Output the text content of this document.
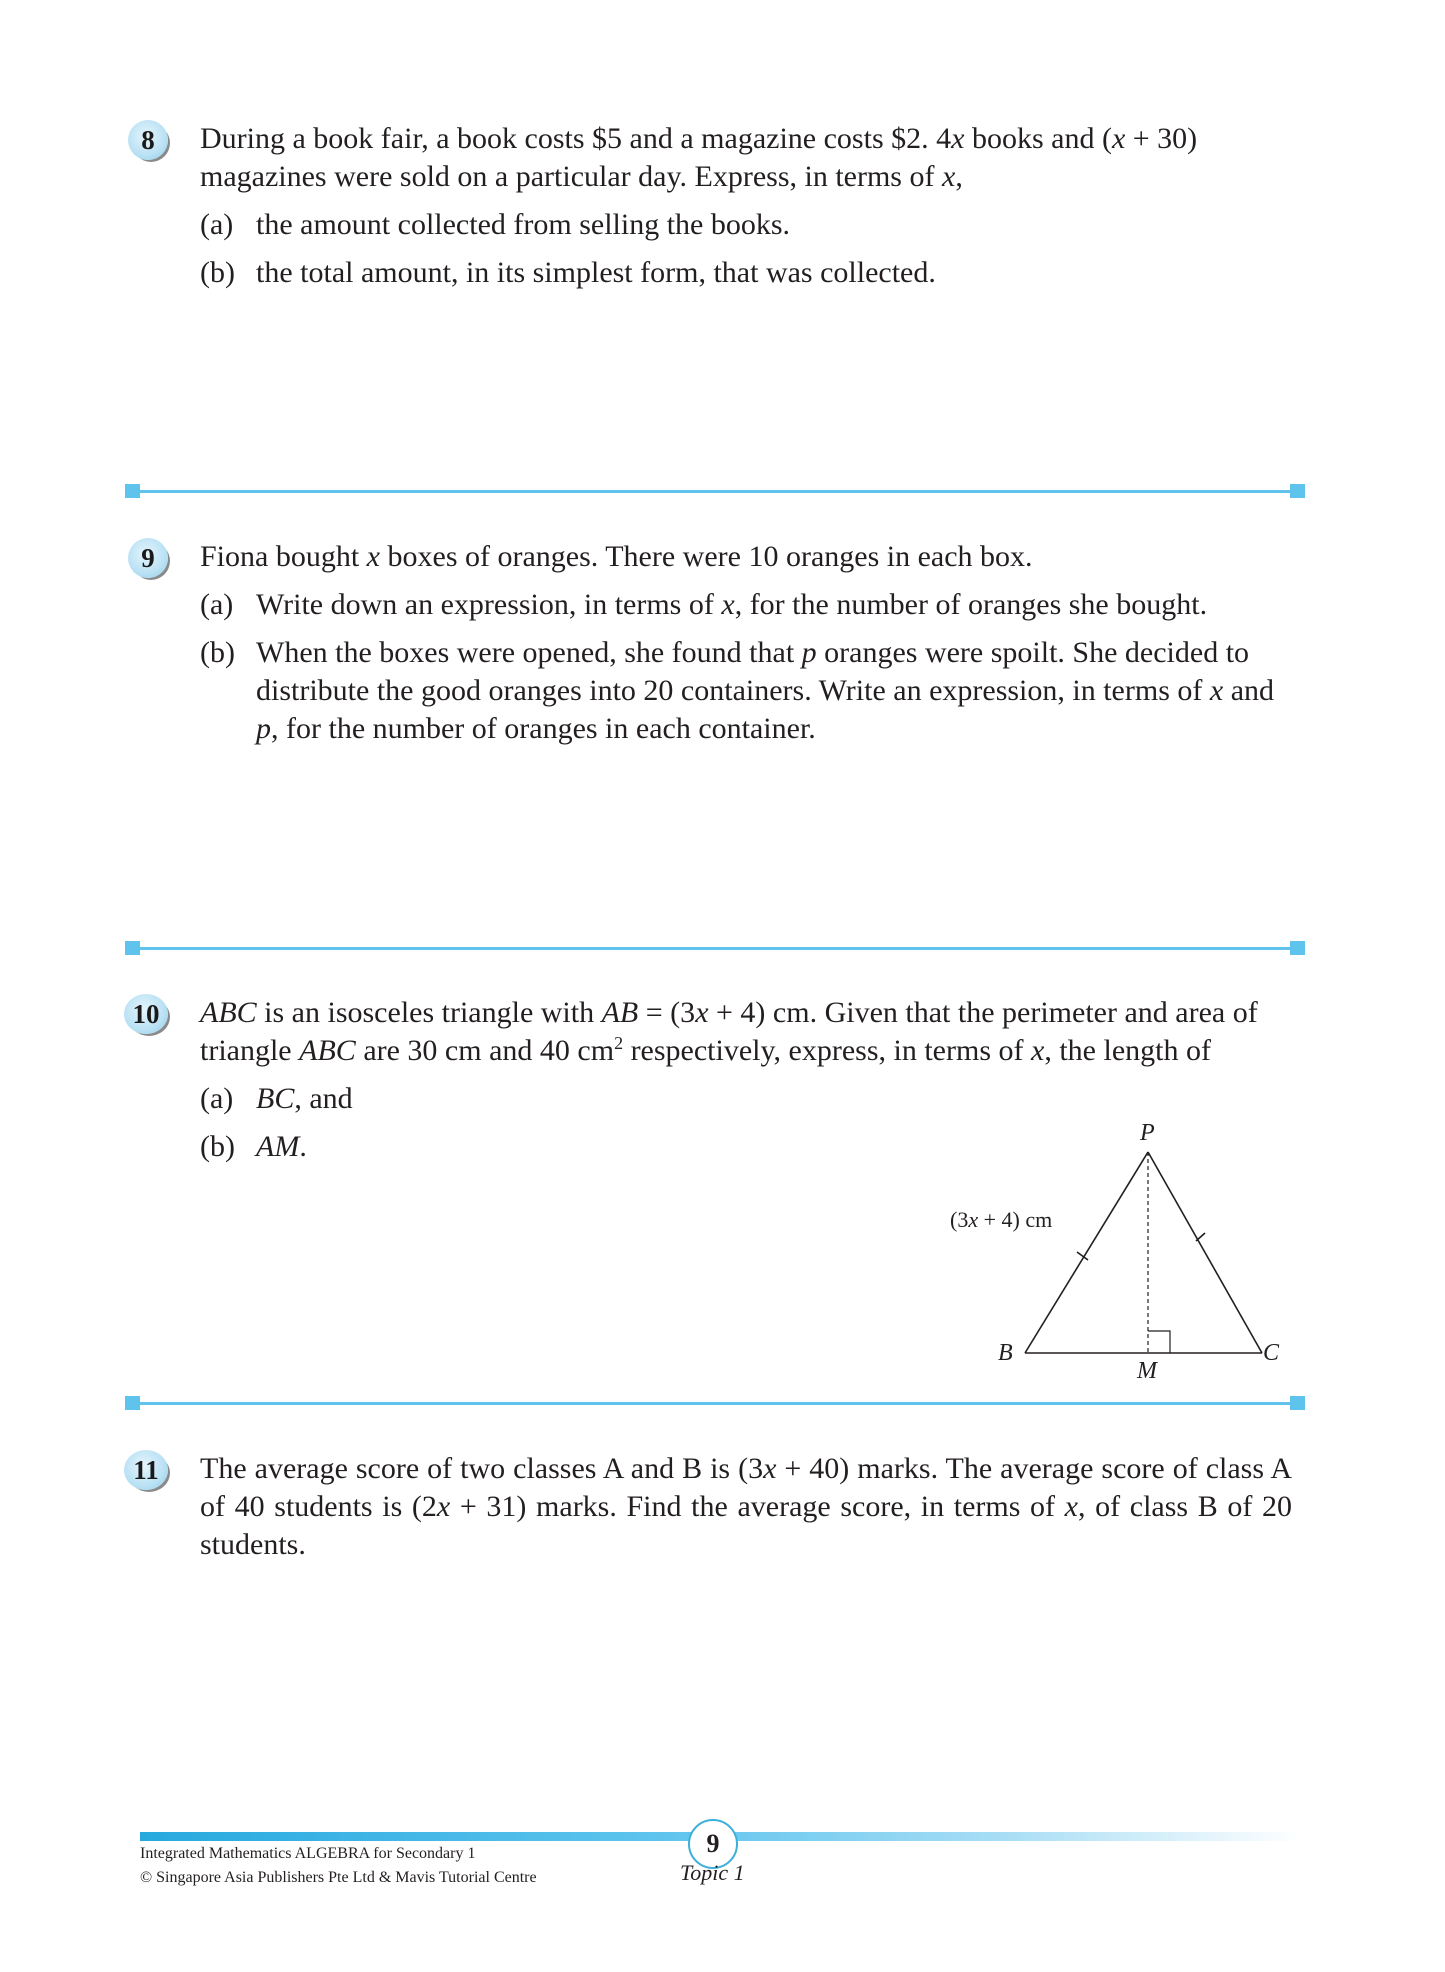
8	During a book fair, a book costs $5 and a magazine costs $2. 4x books and (x + 30) magazines were sold on a particular day. Express, in terms of x,

(a) the amount collected from selling the books.
(b) the total amount, in its simplest form, that was collected.
9	Fiona bought x boxes of oranges. There were 10 oranges in each box.

(a) Write down an expression, in terms of x, for the number of oranges she bought.
(b) When the boxes were opened, she found that p oranges were spoilt. She decided to distribute the good oranges into 20 containers. Write an expression, in terms of x and p, for the number of oranges in each container.
10 ABC is an isosceles triangle with AB = (3x + 4) cm. Given that the perimeter and area of triangle ABC are 30 cm and 40 $cm^2$ respectively, express, in terms of x, the length of

(a) BC, and
(b) AM.	P
B	C
M
(3x + 4) cm
11	The average score of two classes A and B is (3x + 40) marks. The average score of class A of 40 students is (2x + 31) marks. Find the average score, in terms of x, of class B of 20 students.

9
Integrated Mathematics ALGEBRA for Secondary 1
© Singapore Asia Publishers Pte Ltd & Mavis Tutorial Centre	Topic 1
